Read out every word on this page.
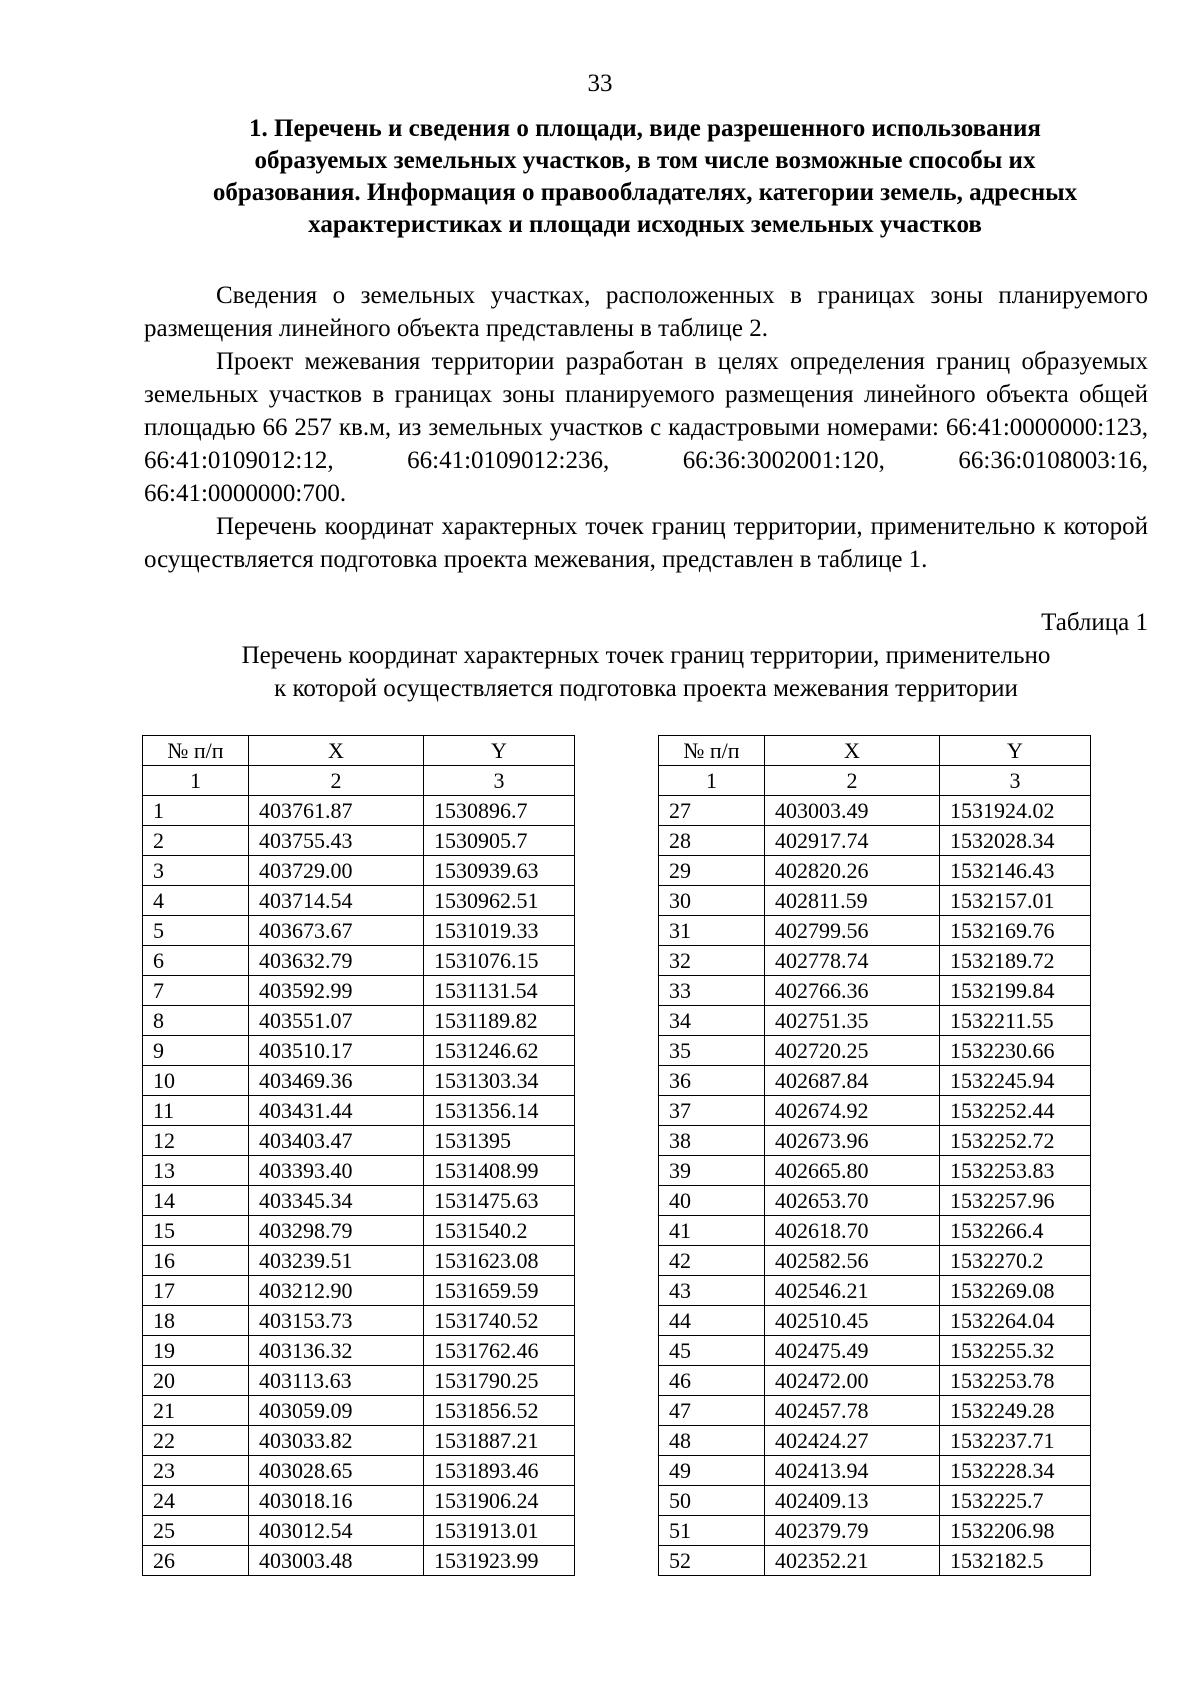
33
1. Перечень и сведения о площади, виде разрешенного использования
образуемых земельных участков, в том числе возможные способы их
образования. Информация о правообладателях, категории земель, адресных
характеристиках и площади исходных земельных участков

Сведения о земельных участках, расположенных в границах зоны планируемого размещения линейного объекта представлены в таблице 2.

Проект межевания территории разработан в целях определения границ образуемых земельных участков в границах зоны планируемого размещения линейного объекта общей площадью 66 257 кв.м, из земельных участков с кадастровыми номерами: 66:41:0000000:123, 66:41:0109012:12, 66:41:0109012:236, 66:36:3002001:120, 66:36:0108003:16, 66:41:0000000:700.

Перечень координат характерных точек границ территории, применительно к которой осуществляется подготовка проекта межевания, представлен в таблице 1.

Таблица 1
Перечень координат характерных точек границ территории, применительно
к которой осуществляется подготовка проекта межевания территории
№ п/п	X	Y
1	2	3
1	403761.87	1530896.7
2	403755.43	1530905.7
3	403729.00	1530939.63
4	403714.54	1530962.51
5	403673.67	1531019.33
6	403632.79	1531076.15
7	403592.99	1531131.54
8	403551.07	1531189.82
9	403510.17	1531246.62
10	403469.36	1531303.34
11	403431.44	1531356.14
12	403403.47	1531395
13	403393.40	1531408.99
14	403345.34	1531475.63
15	403298.79	1531540.2
16	403239.51	1531623.08
17	403212.90	1531659.59
18	403153.73	1531740.52
19	403136.32	1531762.46
20	403113.63	1531790.25
21	403059.09	1531856.52
22	403033.82	1531887.21
23	403028.65	1531893.46
24	403018.16	1531906.24
25	403012.54	1531913.01
26	403003.48	1531923.99
№ п/п	X	Y
1	2	3
27	403003.49	1531924.02
28	402917.74	1532028.34
29	402820.26	1532146.43
30	402811.59	1532157.01
31	402799.56	1532169.76
32	402778.74	1532189.72
33	402766.36	1532199.84
34	402751.35	1532211.55
35	402720.25	1532230.66
36	402687.84	1532245.94
37	402674.92	1532252.44
38	402673.96	1532252.72
39	402665.80	1532253.83
40	402653.70	1532257.96
41	402618.70	1532266.4
42	402582.56	1532270.2
43	402546.21	1532269.08
44	402510.45	1532264.04
45	402475.49	1532255.32
46	402472.00	1532253.78
47	402457.78	1532249.28
48	402424.27	1532237.71
49	402413.94	1532228.34
50	402409.13	1532225.7
51	402379.79	1532206.98
52	402352.21	1532182.5
